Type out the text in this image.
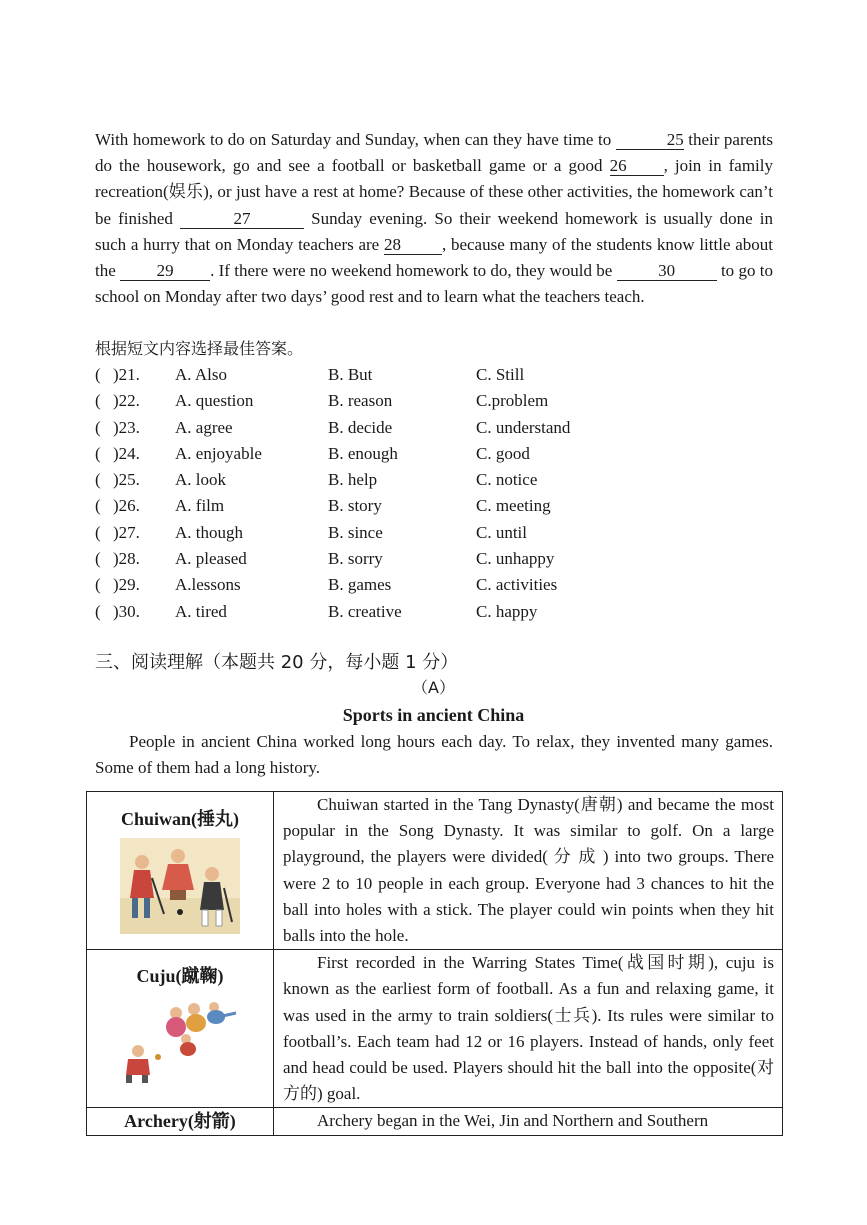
With homework to do on Saturday and Sunday, when can they have time to	25 their parents do the housework, go and see a football or basketball game or a good 26 , join in family recreation(娱乐), or just have a rest at home? Because of these other activities, the homework can’t be finished	27	Sunday evening. So their weekend homework is usually done in such a hurry that on Monday teachers are 28 , because many of the students know little about the 29 . If there were no weekend homework to do, they would be 30 to go to school on Monday after two days’ good rest and to learn what the teachers teach.
根据短文内容选择最佳答案。
( )21. A. Also	B. But	C. Still
( )22. A. question	B. reason	C.problem
( )23. A. agree	B. decide	C. understand
( )24. A. enjoyable	B. enough	C. good
( )25. A. look	B. help	C. notice
( )26. A. film	B. story	C. meeting
( )27. A. though	B. since	C. until
( )28. A. pleased	B. sorry	C. unhappy
( )29. A.lessons	B. games	C. activities
( )30. A. tired	B. creative	C. happy
三、阅读理解（本题共 20 分，每小题 1 分）
（A）
Sports in ancient China
People in ancient China worked long hours each day. To relax, they invented many games. Some of them had a long history.
Chuiwan(捶丸)	Chuiwan started in the Tang Dynasty(唐朝) and became the most popular in the Song Dynasty. It was similar to golf. On a large playground, the players were divided( 分 成 ) into two groups. There were 2 to 10 people in each group. Everyone had 3 chances to hit the ball into holes with a stick. The player could win points when they hit balls into the hole.

Cuju(蹴鞠)	First recorded in the Warring States Time(战国时期), cuju is known as the earliest form of football. As a fun and relaxing game, it was used in the army to train soldiers(士兵). Its rules were similar to football’s. Each team had 12 or 16 players. Instead of hands, only feet and head could be used. Players should hit the ball into the opposite(对方的) goal.

Archery(射箭)	Archery began in the Wei, Jin and Northern and Southern
